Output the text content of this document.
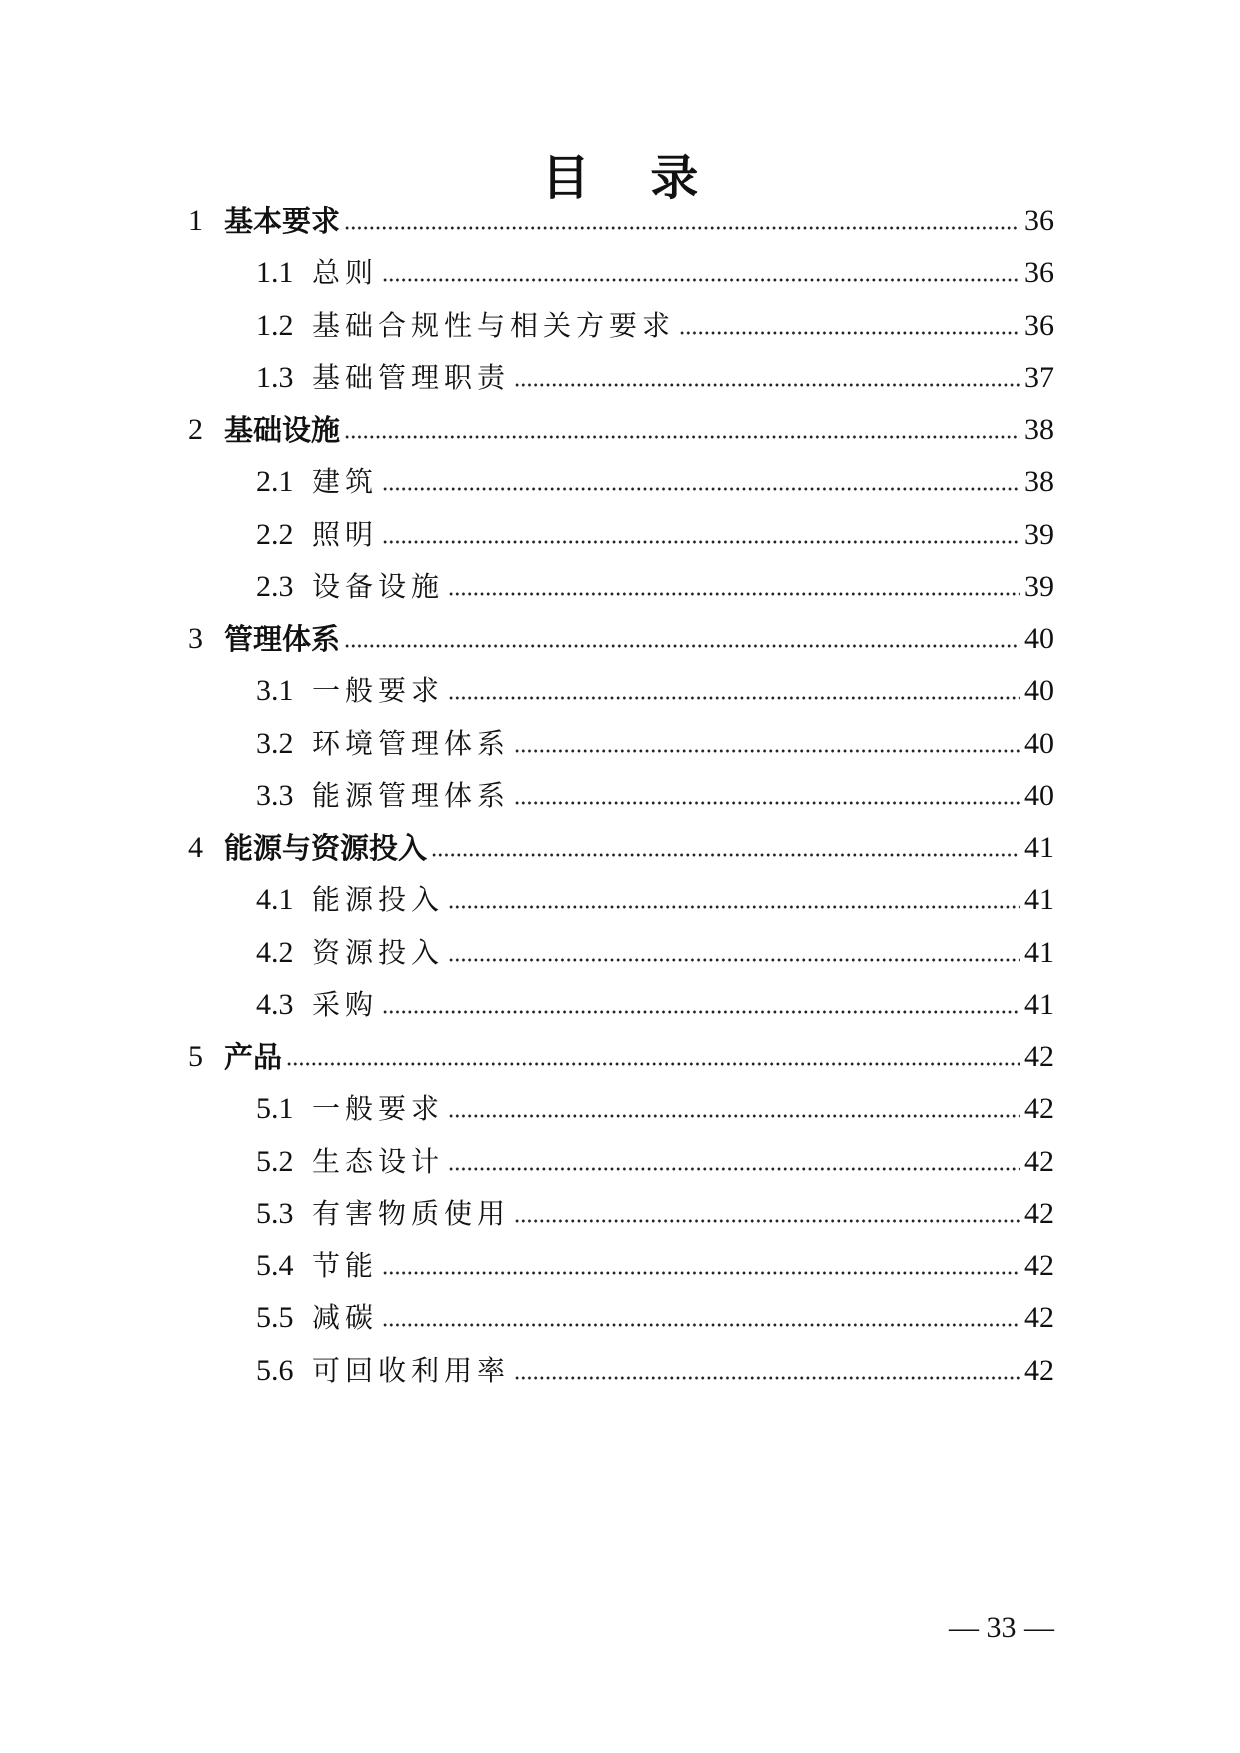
目 录
1 基本要求	36
1.1 总则	36
1.2 基础合规性与相关方要求	36
1.3 基础管理职责	37
2 基础设施	38
2.1 建筑	38
2.2 照明	39
2.3 设备设施	39
3 管理体系	40
3.1 一般要求	40
3.2 环境管理体系	40
3.3 能源管理体系	40
4 能源与资源投入	41
4.1 能源投入	41
4.2 资源投入	41
4.3 采购	41
5 产品	42
5.1 一般要求	42
5.2 生态设计	42
5.3 有害物质使用	42
5.4 节能	42
5.5 减碳	42
5.6 可回收利用率	42
— 33 —
